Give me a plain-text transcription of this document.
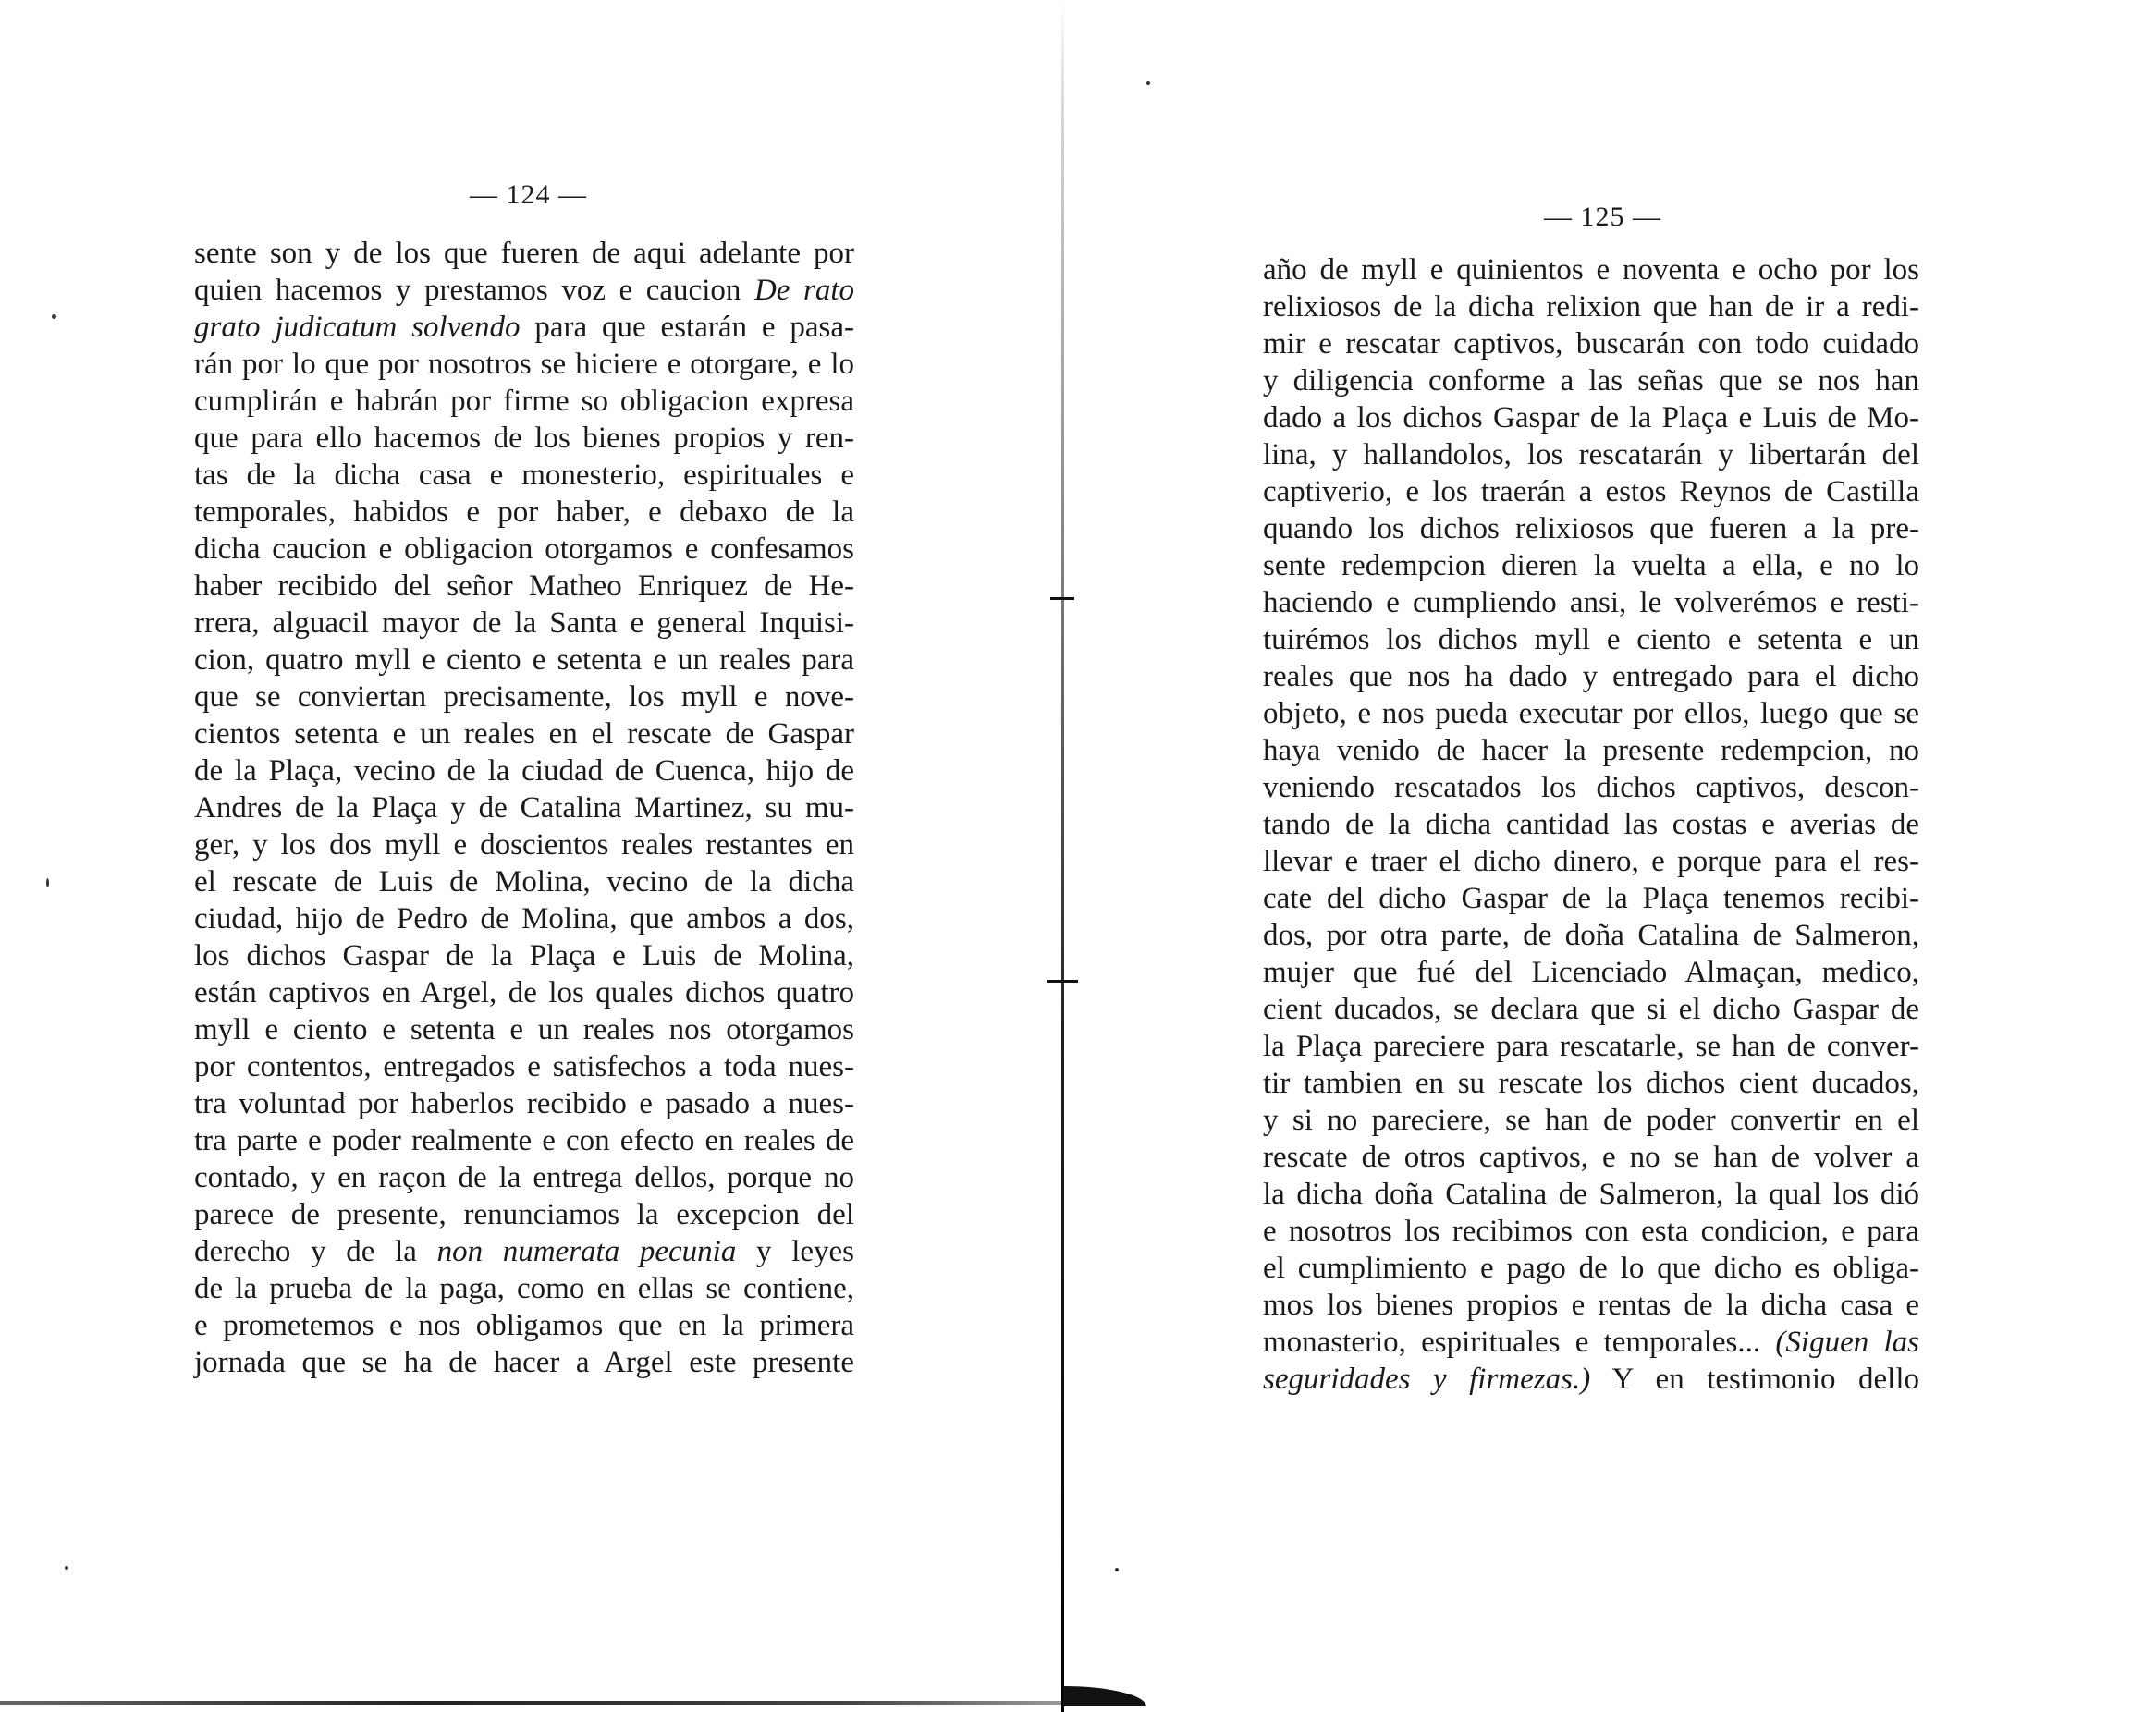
— 124 —
sente son y de los que fueren de aqui adelante por
quien hacemos y prestamos voz e caucion De rato
grato judicatum solvendo para que estarán e pasa-
rán por lo que por nosotros se hiciere e otorgare, e lo
cumplirán e habrán por firme so obligacion expresa
que para ello hacemos de los bienes propios y ren-
tas de la dicha casa e monesterio, espirituales e
temporales, habidos e por haber, e debaxo de la
dicha caucion e obligacion otorgamos e confesamos
haber recibido del señor Matheo Enriquez de He-
rrera, alguacil mayor de la Santa e general Inquisi-
cion, quatro myll e ciento e setenta e un reales para
que se conviertan precisamente, los myll e nove-
cientos setenta e un reales en el rescate de Gaspar
de la Plaça, vecino de la ciudad de Cuenca, hijo de
Andres de la Plaça y de Catalina Martinez, su mu-
ger, y los dos myll e doscientos reales restantes en
el rescate de Luis de Molina, vecino de la dicha
ciudad, hijo de Pedro de Molina, que ambos a dos,
los dichos Gaspar de la Plaça e Luis de Molina,
están captivos en Argel, de los quales dichos quatro
myll e ciento e setenta e un reales nos otorgamos
por contentos, entregados e satisfechos a toda nues-
tra voluntad por haberlos recibido e pasado a nues-
tra parte e poder realmente e con efecto en reales de
contado, y en raçon de la entrega dellos, porque no
parece de presente, renunciamos la excepcion del
derecho y de la non numerata pecunia y leyes
de la prueba de la paga, como en ellas se contiene,
e prometemos e nos obligamos que en la primera
jornada que se ha de hacer a Argel este presente
— 125 —
año de myll e quinientos e noventa e ocho por los
relixiosos de la dicha relixion que han de ir a redi-
mir e rescatar captivos, buscarán con todo cuidado
y diligencia conforme a las señas que se nos han
dado a los dichos Gaspar de la Plaça e Luis de Mo-
lina, y hallandolos, los rescatarán y libertarán del
captiverio, e los traerán a estos Reynos de Castilla
quando los dichos relixiosos que fueren a la pre-
sente redempcion dieren la vuelta a ella, e no lo
haciendo e cumpliendo ansi, le volverémos e resti-
tuirémos los dichos myll e ciento e setenta e un
reales que nos ha dado y entregado para el dicho
objeto, e nos pueda executar por ellos, luego que se
haya venido de hacer la presente redempcion, no
veniendo rescatados los dichos captivos, descon-
tando de la dicha cantidad las costas e averias de
llevar e traer el dicho dinero, e porque para el res-
cate del dicho Gaspar de la Plaça tenemos recibi-
dos, por otra parte, de doña Catalina de Salmeron,
mujer que fué del Licenciado Almaçan, medico,
cient ducados, se declara que si el dicho Gaspar de
la Plaça pareciere para rescatarle, se han de conver-
tir tambien en su rescate los dichos cient ducados,
y si no pareciere, se han de poder convertir en el
rescate de otros captivos, e no se han de volver a
la dicha doña Catalina de Salmeron, la qual los dió
e nosotros los recibimos con esta condicion, e para
el cumplimiento e pago de lo que dicho es obliga-
mos los bienes propios e rentas de la dicha casa e
monasterio, espirituales e temporales... (Siguen las
seguridades y firmezas.) Y en testimonio dello
